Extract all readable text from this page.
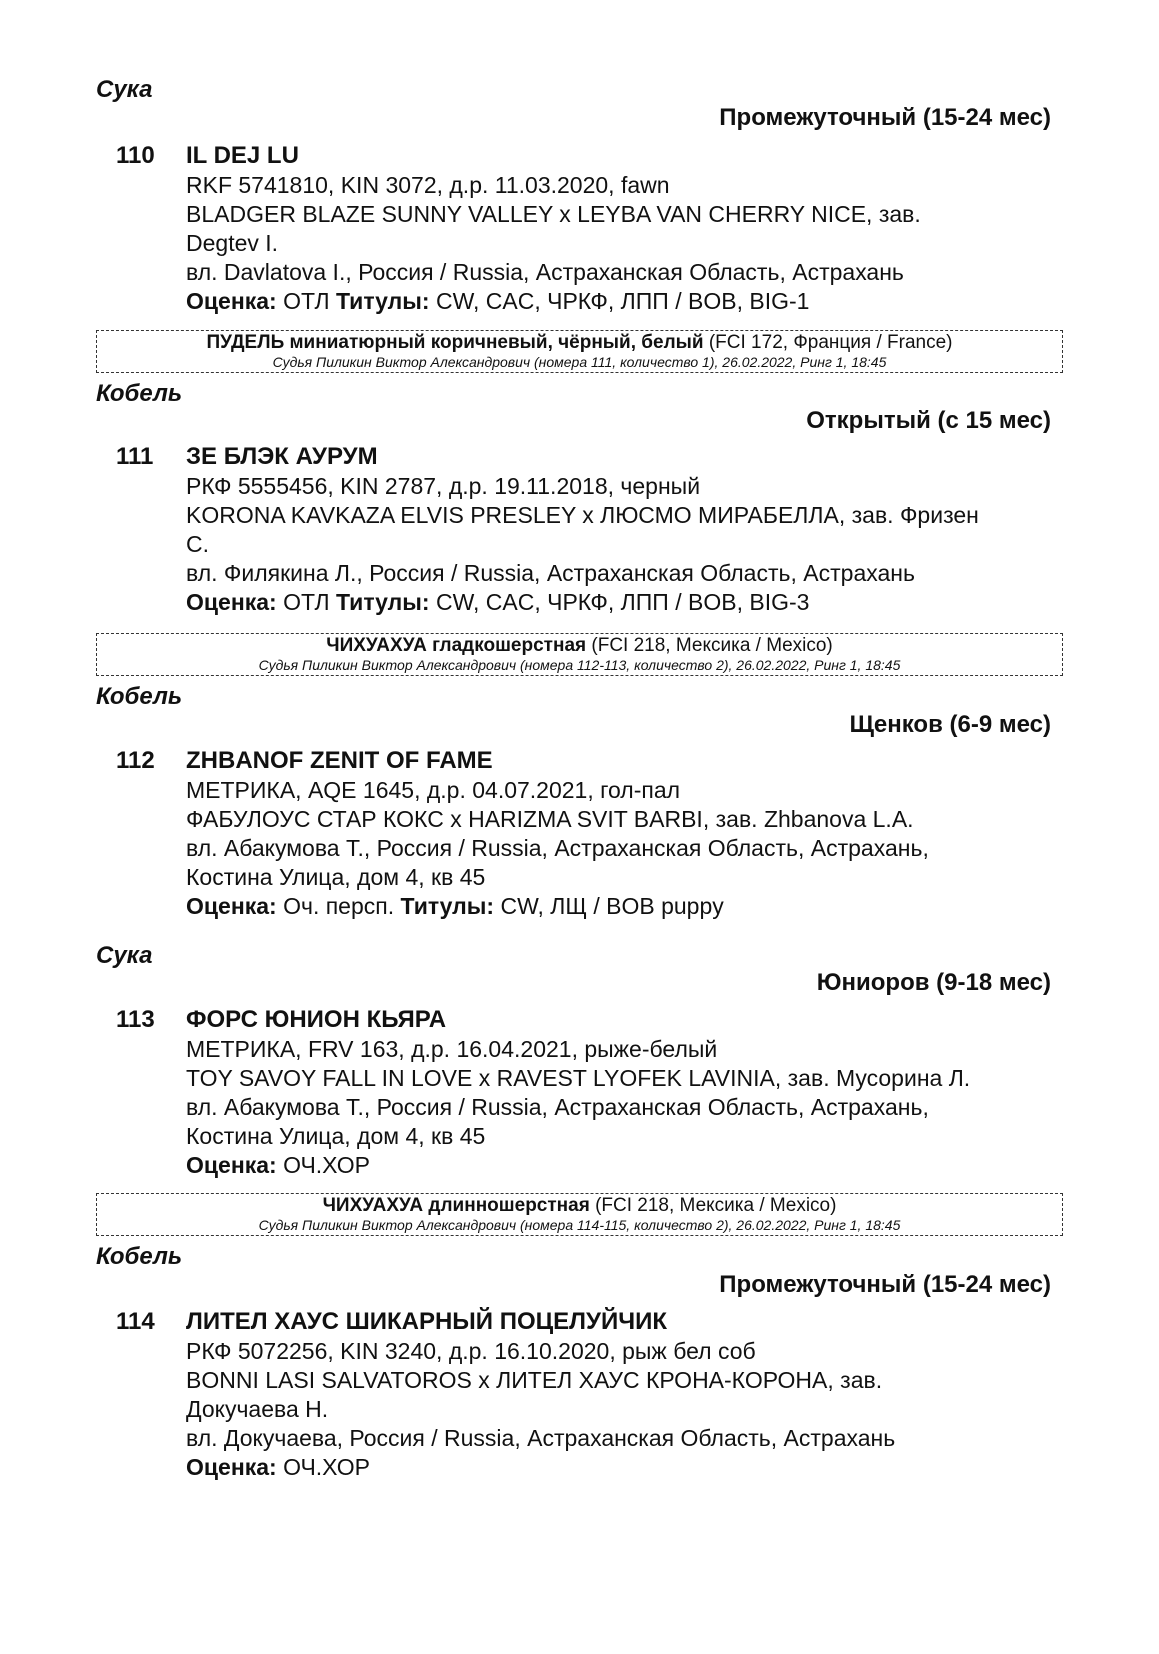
Сука
Промежуточный (15-24 мес)
110 IL DEJ LU
RKF 5741810, KIN 3072, д.р. 11.03.2020, fawn
BLADGER BLAZE SUNNY VALLEY x LEYBA VAN CHERRY NICE, зав.
Degtev I.
вл. Davlatova I., Россия / Russia, Астраханская Область, Астрахань
Оценка: ОТЛ Титулы: CW, CAC, ЧРКФ, ЛПП / BOB, BIG-1
ПУДЕЛЬ миниатюрный коричневый, чёрный, белый (FCI 172, Франция / France)
Судья Пиликин Виктор Александрович (номера 111, количество 1), 26.02.2022, Ринг 1, 18:45
Кобель
Открытый (с 15 мес)
111 ЗЕ БЛЭК АУРУМ
РКФ 5555456, KIN 2787, д.р. 19.11.2018, черный
KORONA KAVKAZA ELVIS PRESLEY x ЛЮСМО МИРАБЕЛЛА, зав. Фризен
С.
вл. Филякина Л., Россия / Russia, Астраханская Область, Астрахань
Оценка: ОТЛ Титулы: CW, CAC, ЧРКФ, ЛПП / BOB, BIG-3
ЧИХУАХУА гладкошерстная (FCI 218, Мексика / Mexico)
Судья Пиликин Виктор Александрович (номера 112-113, количество 2), 26.02.2022, Ринг 1, 18:45
Кобель
Щенков (6-9 мес)
112 ZHBANOF ZENIT OF FAME
МЕТРИКА, AQE 1645, д.р. 04.07.2021, гол-пал
ФАБУЛОУС СТАР КОКС x HARIZMA SVIT BARBI, зав. Zhbanova L.A.
вл. Абакумова Т., Россия / Russia, Астраханская Область, Астрахань,
Костина Улица, дом 4, кв 45
Оценка: Оч. персп. Титулы: CW, ЛЩ / BOB puppy
Сука
Юниоров (9-18 мес)
113 ФОРС ЮНИОН КЬЯРА
МЕТРИКА, FRV 163, д.р. 16.04.2021, рыже-белый
TOY SAVOY FALL IN LOVE x RAVEST LYOFEK LAVINIA, зав. Мусорина Л.
вл. Абакумова Т., Россия / Russia, Астраханская Область, Астрахань,
Костина Улица, дом 4, кв 45
Оценка: ОЧ.ХОР
ЧИХУАХУА длинношерстная (FCI 218, Мексика / Mexico)
Судья Пиликин Виктор Александрович (номера 114-115, количество 2), 26.02.2022, Ринг 1, 18:45
Кобель
Промежуточный (15-24 мес)
114 ЛИТЕЛ ХАУС ШИКАРНЫЙ ПОЦЕЛУЙЧИК
РКФ 5072256, KIN 3240, д.р. 16.10.2020, рыж бел соб
BONNI LASI SALVATOROS x ЛИТЕЛ ХАУС КРОНА-КОРОНА, зав.
Докучаева Н.
вл. Докучаева, Россия / Russia, Астраханская Область, Астрахань
Оценка: ОЧ.ХОР
